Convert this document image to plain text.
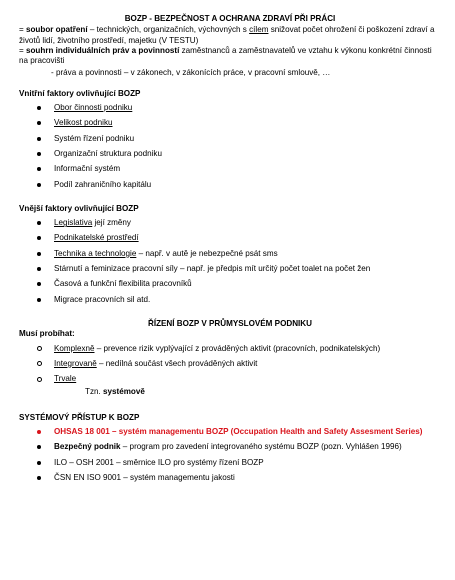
BOZP - BEZPEČNOST A OCHRANA ZDRAVÍ PŘI PRÁCI

= soubor opatření – technických, organizačních, výchovných s cílem snižovat počet ohrožení či poškození zdraví a životů lidí, životního prostředí, majetku (V TESTU)

= souhrn individuálních práv a povinností zaměstnanců a zaměstnavatelů ve vztahu k výkonu konkrétní činnosti na pracovišti

- práva a povinnosti – v zákonech, v zákonících práce, v pracovní smlouvě, …

Vnitřní faktory ovlivňující BOZP

Obor činnosti podniku
Velikost podniku
Systém řízení podniku
Organizační struktura podniku
Informační systém
Podíl zahraničního kapitálu

Vnější faktory ovlivňující BOZP

Legislativa její změny
Podnikatelské prostředí
Technika a technologie – např. v autě je nebezpečné psát sms
Stárnutí a feminizace pracovní síly – např. je předpis mít určitý počet toalet na počet žen
Časová a funkční flexibilita pracovníků
Migrace pracovních sil atd.

ŘÍZENÍ BOZP V PRŮMYSLOVÉM PODNIKU

Musí probíhat:

Komplexně – prevence rizik vyplývající z prováděných aktivit (pracovních, podnikatelských)
Integrovaně – nedílná součást všech prováděných aktivit
Trvale

Tzn. systémově

SYSTÉMOVÝ PŘÍSTUP K BOZP

OHSAS 18 001 – systém managementu BOZP (Occupation Health and Safety Assesment Series)
Bezpečný podnik – program pro zavedení integrovaného systému BOZP (pozn. Vyhlášen 1996)
ILO – OSH 2001 – směrnice ILO pro systémy řízení BOZP
ČSN EN ISO 9001 – systém managementu jakosti
